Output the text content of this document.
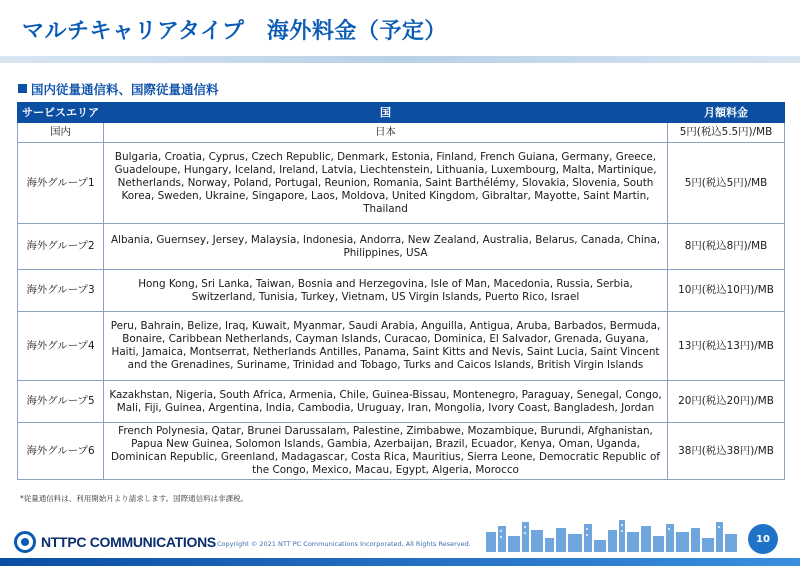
マルチキャリアタイプ　海外料金（予定）
国内従量通信料、国際従量通信料
サービスエリア	国	月額料金
国内	日本	5円(税込5.5円)/MB
海外グループ1	Bulgaria, Croatia, Cyprus, Czech Republic, Denmark, Estonia, Finland, French Guiana, Germany, Greece, Guadeloupe, Hungary, Iceland, Ireland, Latvia, Liechtenstein, Lithuania, Luxembourg, Malta, Martinique, Netherlands, Norway, Poland, Portugal, Reunion, Romania, Saint Barthélémy, Slovakia, Slovenia, South Korea, Sweden, Ukraine, Singapore, Laos, Moldova, United Kingdom, Gibraltar, Mayotte, Saint Martin, Thailand	5円(税込5円)/MB
海外グループ2	Albania, Guernsey, Jersey, Malaysia, Indonesia, Andorra, New Zealand, Australia, Belarus, Canada, China, Philippines, USA	8円(税込8円)/MB
海外グループ3	Hong Kong, Sri Lanka, Taiwan, Bosnia and Herzegovina, Isle of Man, Macedonia, Russia, Serbia, Switzerland, Tunisia, Turkey, Vietnam, US Virgin Islands, Puerto Rico, Israel	10円(税込10円)/MB
海外グループ4	Peru, Bahrain, Belize, Iraq, Kuwait, Myanmar, Saudi Arabia, Anguilla, Antigua, Aruba, Barbados, Bermuda, Bonaire, Caribbean Netherlands, Cayman Islands, Curacao, Dominica, El Salvador, Grenada, Guyana, Haiti, Jamaica, Montserrat, Netherlands Antilles, Panama, Saint Kitts and Nevis, Saint Lucia, Saint Vincent and the Grenadines, Suriname, Trinidad and Tobago, Turks and Caicos Islands, British Virgin Islands	13円(税込13円)/MB
海外グループ5	Kazakhstan, Nigeria, South Africa, Armenia, Chile, Guinea-Bissau, Montenegro, Paraguay, Senegal, Congo, Mali, Fiji, Guinea, Argentina, India, Cambodia, Uruguay, Iran, Mongolia, Ivory Coast, Bangladesh, Jordan	20円(税込20円)/MB
海外グループ6	French Polynesia, Qatar, Brunei Darussalam, Palestine, Zimbabwe, Mozambique, Burundi, Afghanistan, Papua New Guinea, Solomon Islands, Gambia, Azerbaijan, Brazil, Ecuador, Kenya, Oman, Uganda, Dominican Republic, Greenland, Madagascar, Costa Rica, Mauritius, Sierra Leone, Democratic Republic of the Congo, Mexico, Macau, Egypt, Algeria, Morocco	38円(税込38円)/MB
*従量通信料は、利用開始月より請求します。国際通信料は非課税。
NTTPC COMMUNICATIONS Copyright © 2021 NTT PC Communications Incorporated, All Rights Reserved.	10
